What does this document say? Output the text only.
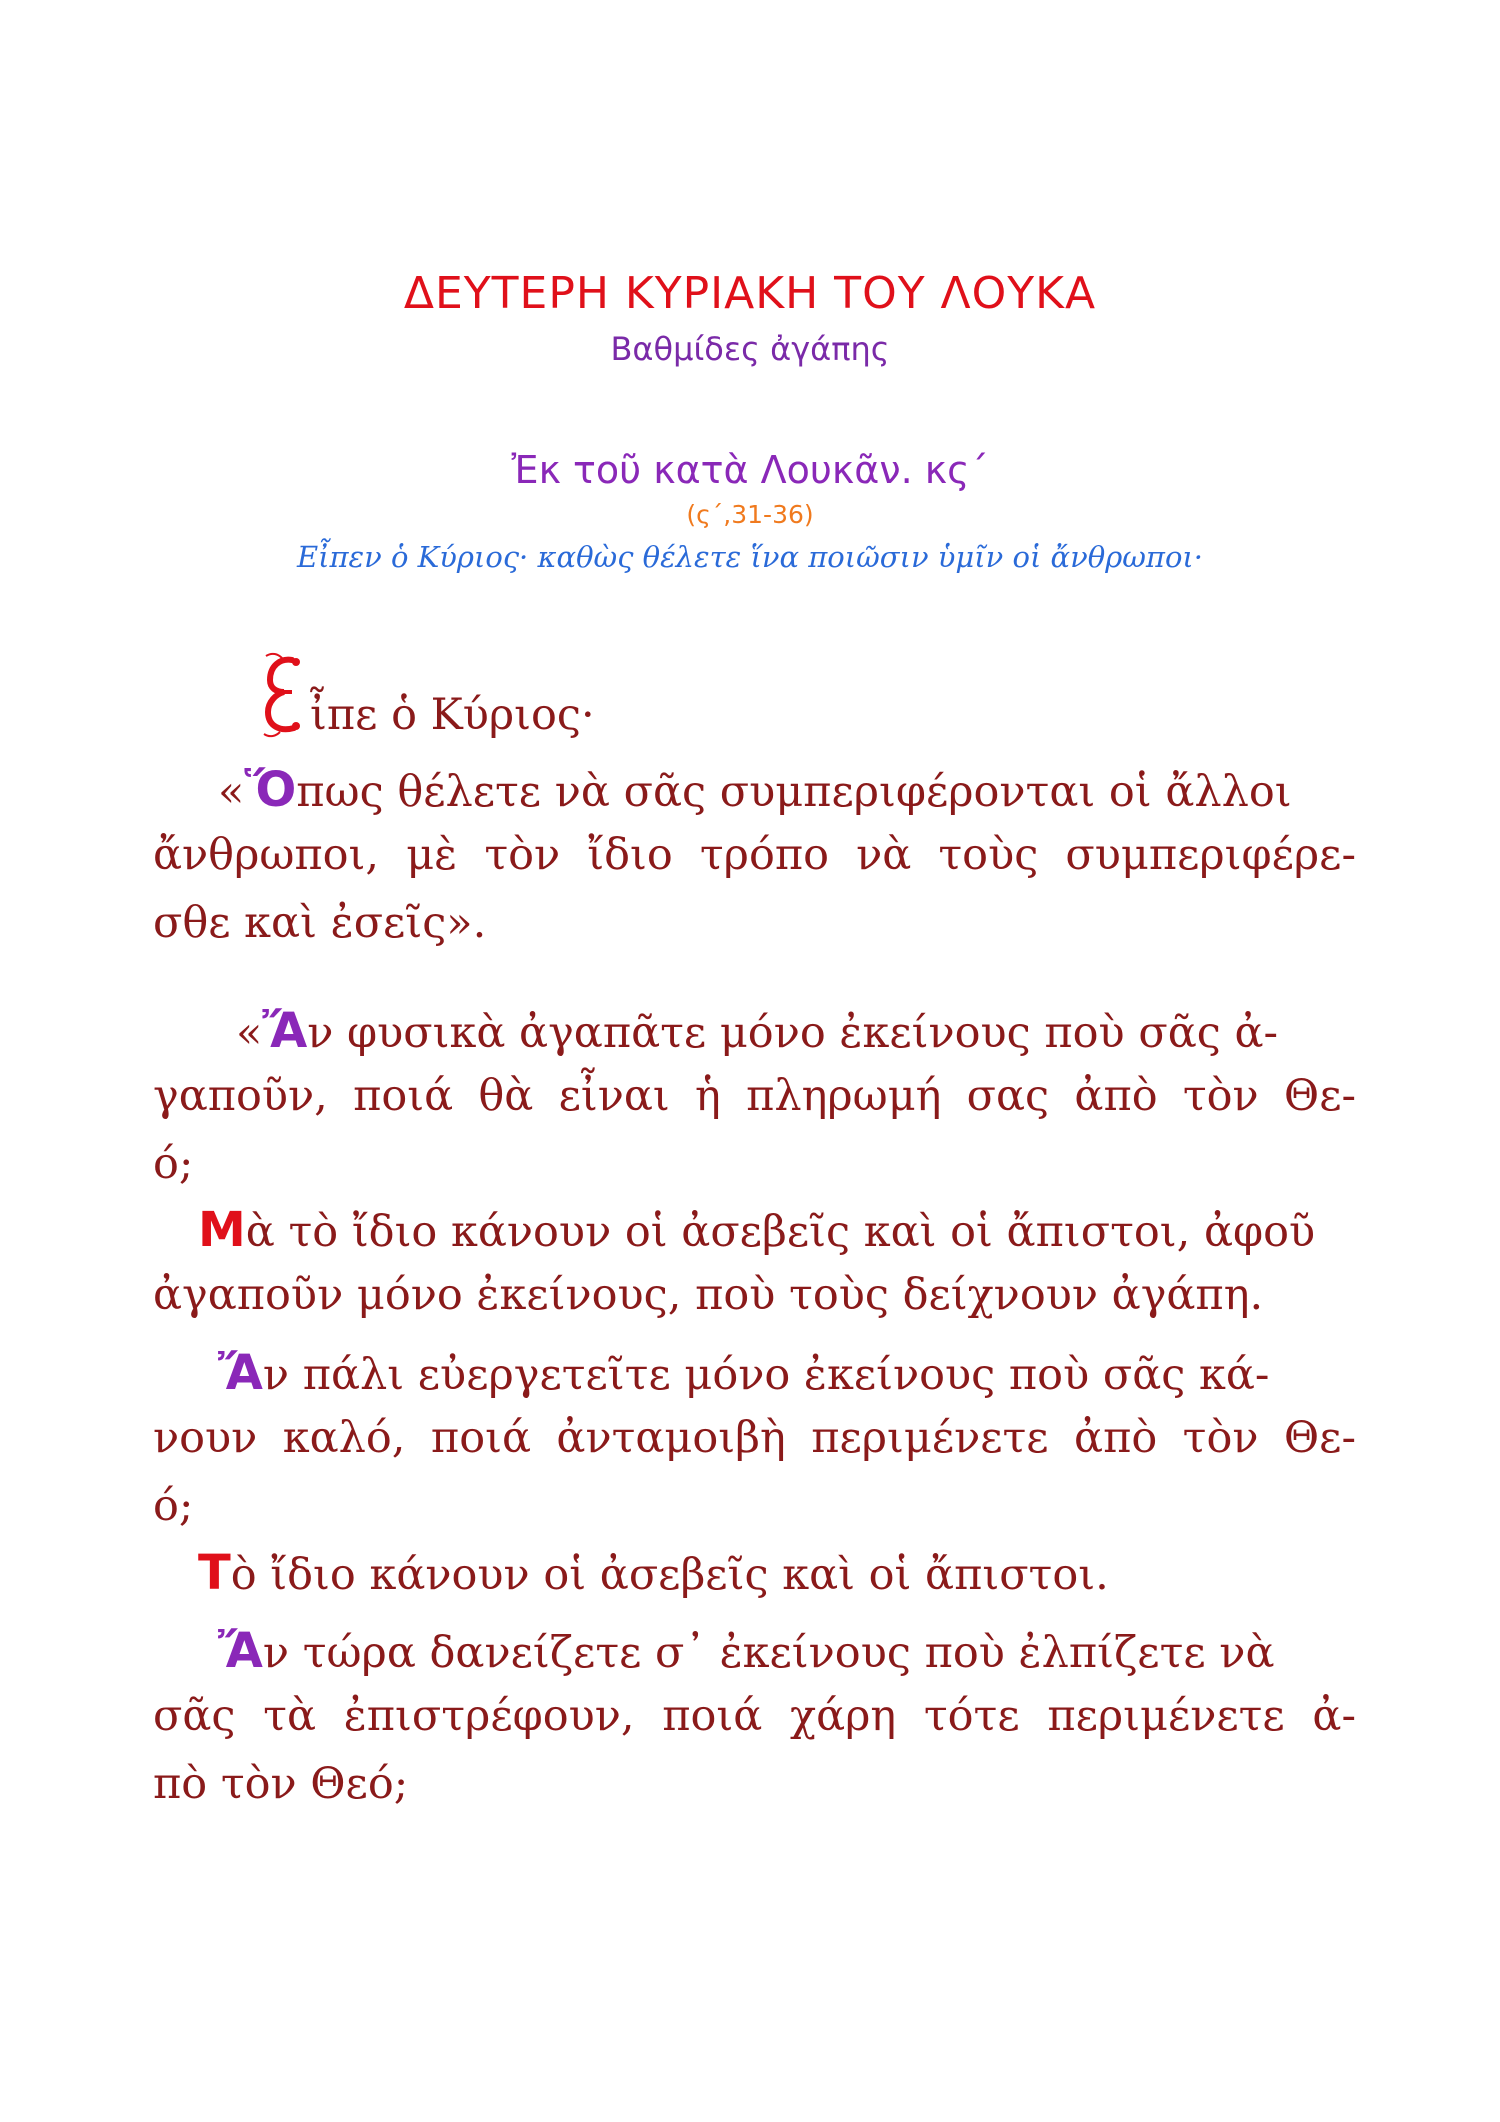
ΔΕΥΤΕΡΗ ΚΥΡΙΑΚΗ ΤΟΥ ΛΟΥΚΑ
Βαθμίδες ἀγάπης
Ἐκ τοῦ κατὰ Λουκᾶν. κς΄
(ς΄,31-36)
Εἶπεν ὁ Κύριος· καθὼς θέλετε ἵνα ποιῶσιν ὑμῖν οἱ ἄνθρωποι·
ἶπε ὁ Κύριος·
«Ὅπως θέλετε νὰ σᾶς συμπεριφέρονται οἱ ἄλλοι
ἄνθρωποι, μὲ τὸν ἴδιο τρόπο νὰ τοὺς συμπεριφέρε-
σθε καὶ ἐσεῖς».
«Ἄν φυσικὰ ἀγαπᾶτε μόνο ἐκείνους ποὺ σᾶς ἀ-
γαποῦν, ποιά θὰ εἶναι ἡ πληρωμή σας ἀπὸ τὸν Θε-
ό;
Μὰ τὸ ἴδιο κάνουν οἱ ἀσεβεῖς καὶ οἱ ἄπιστοι, ἀφοῦ
ἀγαποῦν μόνο ἐκείνους, ποὺ τοὺς δείχνουν ἀγάπη.
Ἄν πάλι εὐεργετεῖτε μόνο ἐκείνους ποὺ σᾶς κά-
νουν καλό, ποιά ἀνταμοιβὴ περιμένετε ἀπὸ τὸν Θε-
ό;
Τὸ ἴδιο κάνουν οἱ ἀσεβεῖς καὶ οἱ ἄπιστοι.
Ἄν τώρα δανείζετε σ᾽ ἐκείνους ποὺ ἐλπίζετε νὰ
σᾶς τὰ ἐπιστρέφουν, ποιά χάρη τότε περιμένετε ἀ-
πὸ τὸν Θεό;
